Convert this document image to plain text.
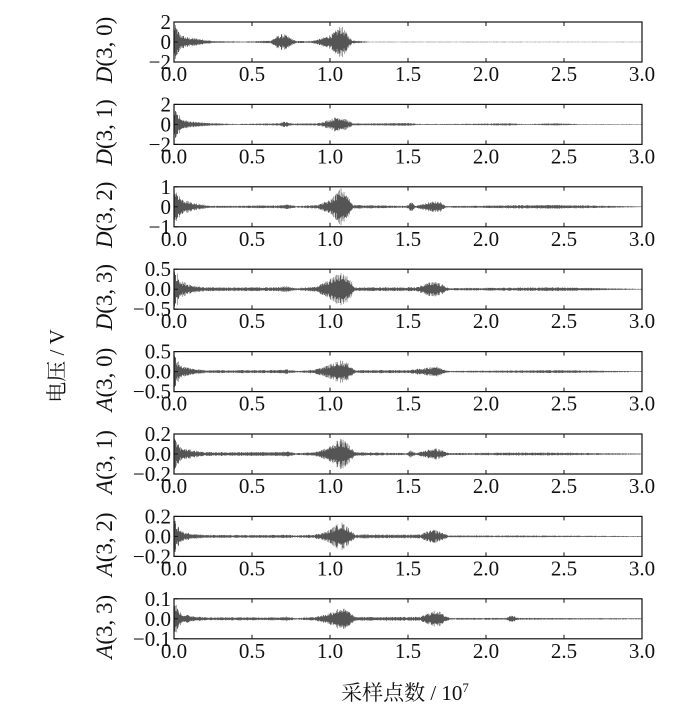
0.0 0.5 1.0 1.5 2.0 2.5 3.0
2
0
−2
D(3, 0)
0.0 0.5 1.0 1.5 2.0 2.5 3.0
2
0
−2
D(3, 1)
0.0 0.5 1.0 1.5 2.0 2.5 3.0
1
0
−1
D(3, 2)
0.0 0.5 1.0 1.5 2.0 2.5 3.0
0.5
0.0
−0.5
D(3, 3)
0.0 0.5 1.0 1.5 2.0 2.5 3.0
0.5
0.0
−0.5
A(3, 0)
0.0 0.5 1.0 1.5 2.0 2.5 3.0
0.2
0.0
−0.2
A(3, 1)
0.0 0.5 1.0 1.5 2.0 2.5 3.0
0.2
0.0
−0.2
A(3, 2)
0.0 0.5 1.0 1.5 2.0 2.5 3.0
0.1
0.0
−0.1
A(3, 3)
电压 / V
采样点数 / $10^7$
